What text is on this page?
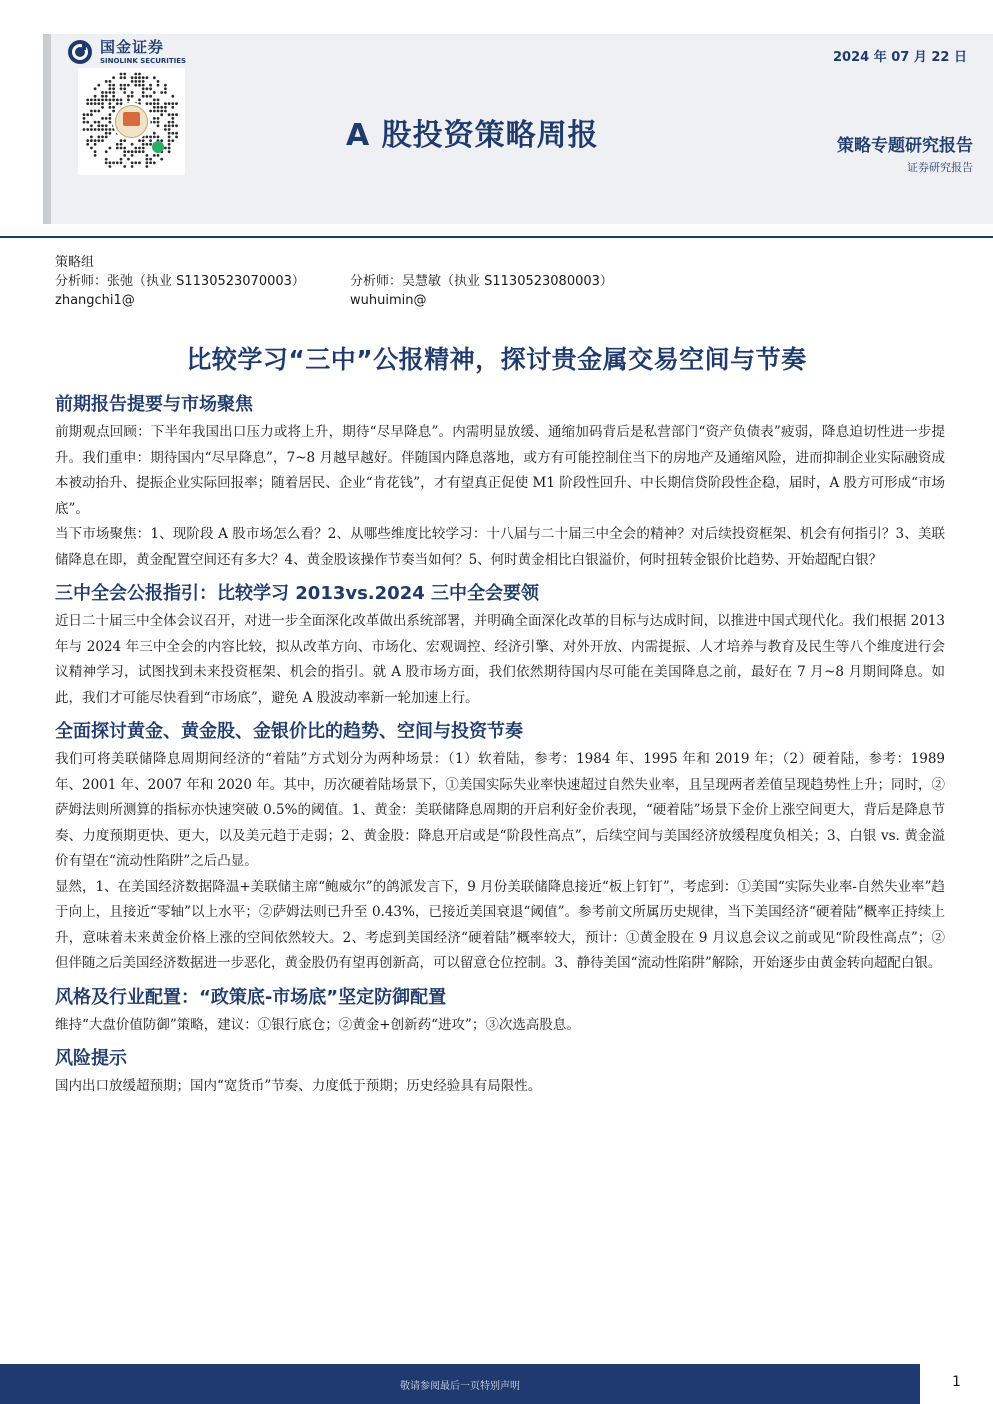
国金证券
SINOLINK SECURITIES	2024 年 07 月 22 日
A 股投资策略周报	策略专题研究报告
证券研究报告
策略组
分析师：张弛（执业 S1130523070003）	分析师：吴慧敏（执业 S1130523080003）
zhangchi1@	wuhuimin@
比较学习“三中”公报精神，探讨贵金属交易空间与节奏
前期报告提要与市场聚焦

前期观点回顾：下半年我国出口压力或将上升，期待“尽早降息”。内需明显放缓、通缩加码背后是私营部门“资产负债表”疲弱，降息迫切性进一步提升。我们重申：期待国内“尽早降息”，7~8 月越早越好。伴随国内降息落地，或方有可能控制住当下的房地产及通缩风险，进而抑制企业实际融资成本被动抬升、提振企业实际回报率；随着居民、企业“肯花钱”，才有望真正促使 M1 阶段性回升、中长期信贷阶段性企稳，届时，A 股方可形成“市场底”。

当下市场聚焦：1、现阶段 A 股市场怎么看？2、从哪些维度比较学习：十八届与二十届三中全会的精神？对后续投资框架、机会有何指引？3、美联储降息在即，黄金配置空间还有多大？4、黄金股该操作节奏当如何？5、何时黄金相比白银溢价，何时扭转金银价比趋势、开始超配白银？

三中全会公报指引：比较学习 2013vs.2024 三中全会要领

近日二十届三中全体会议召开，对进一步全面深化改革做出系统部署，并明确全面深化改革的目标与达成时间，以推进中国式现代化。我们根据 2013 年与 2024 年三中全会的内容比较，拟从改革方向、市场化、宏观调控、经济引擎、对外开放、内需提振、人才培养与教育及民生等八个维度进行会议精神学习，试图找到未来投资框架、机会的指引。就 A 股市场方面，我们依然期待国内尽可能在美国降息之前，最好在 7 月~8 月期间降息。如此，我们才可能尽快看到“市场底”，避免 A 股波动率新一轮加速上行。

全面探讨黄金、黄金股、金银价比的趋势、空间与投资节奏

我们可将美联储降息周期间经济的“着陆”方式划分为两种场景：（1）软着陆，参考：1984 年、1995 年和 2019 年；（2）硬着陆，参考：1989 年、2001 年、2007 年和 2020 年。其中，历次硬着陆场景下，①美国实际失业率快速超过自然失业率，且呈现两者差值呈现趋势性上升；同时，②萨姆法则所测算的指标亦快速突破 0.5%的阈值。1、黄金：美联储降息周期的开启利好金价表现，“硬着陆”场景下金价上涨空间更大，背后是降息节奏、力度预期更快、更大，以及美元趋于走弱；2、黄金股：降息开启或是“阶段性高点”，后续空间与美国经济放缓程度负相关；3、白银 vs. 黄金溢价有望在“流动性陷阱”之后凸显。

显然，1、在美国经济数据降温+美联储主席“鲍威尔”的鸽派发言下，9 月份美联储降息接近“板上钉钉”，考虑到：①美国“实际失业率-自然失业率”趋于向上，且接近“零轴”以上水平；②萨姆法则已升至 0.43%，已接近美国衰退“阈值”。参考前文所属历史规律，当下美国经济“硬着陆”概率正持续上升，意味着未来黄金价格上涨的空间依然较大。2、考虑到美国经济“硬着陆”概率较大，预计：①黄金股在 9 月议息会议之前或见“阶段性高点”；②但伴随之后美国经济数据进一步恶化，黄金股仍有望再创新高，可以留意仓位控制。3、静待美国“流动性陷阱”解除，开始逐步由黄金转向超配白银。

风格及行业配置：“政策底-市场底”坚定防御配置

维持“大盘价值防御”策略，建议：①银行底仓；②黄金+创新药“进攻”；③次选高股息。

风险提示

国内出口放缓超预期；国内“宽货币”节奏、力度低于预期；历史经验具有局限性。

敬请参阅最后一页特别声明	1
